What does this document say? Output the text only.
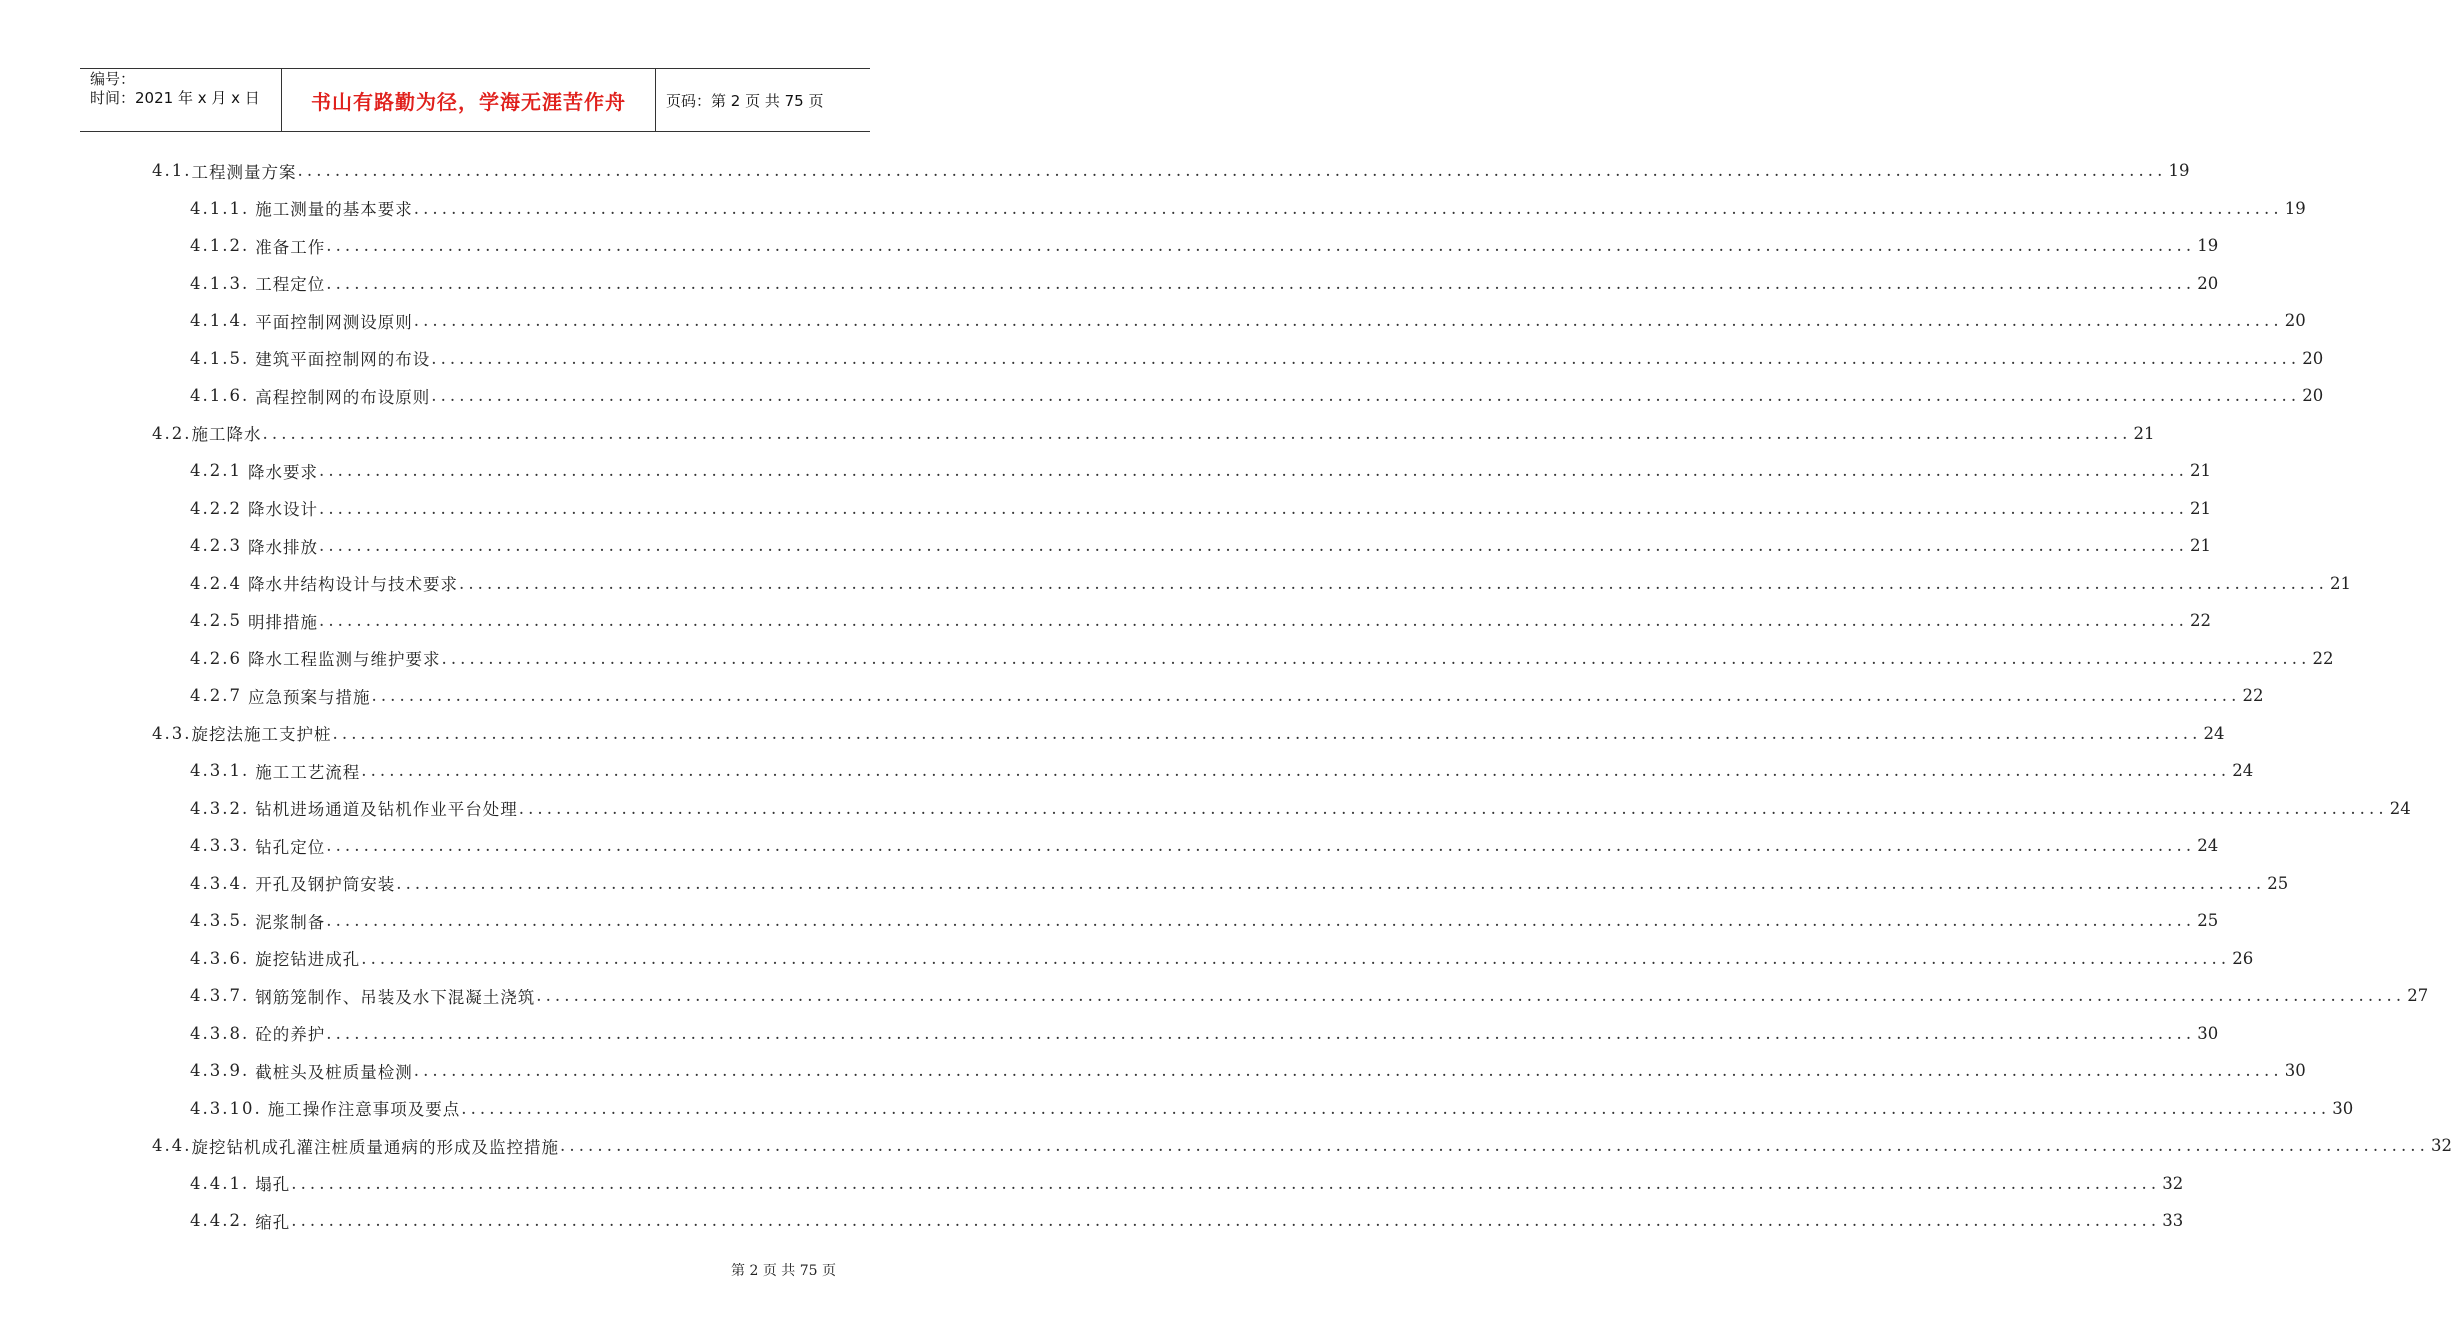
编号：
时间：2021 年 x 月 x 日	书山有路勤为径，学海无涯苦作舟	页码：第 2 页 共 75 页
4.1. 工程测量方案 ........................................................................................................................................................................................................ 19
4.1.1. 施工测量的基本要求 ........................................................................................................................................................................................................ 19
4.1.2. 准备工作 ........................................................................................................................................................................................................ 19
4.1.3. 工程定位 ........................................................................................................................................................................................................ 20
4.1.4. 平面控制网测设原则 ........................................................................................................................................................................................................ 20
4.1.5. 建筑平面控制网的布设 ........................................................................................................................................................................................................ 20
4.1.6. 高程控制网的布设原则 ........................................................................................................................................................................................................ 20
4.2. 施工降水 ........................................................................................................................................................................................................ 21
4.2.1 降水要求 ........................................................................................................................................................................................................ 21
4.2.2 降水设计 ........................................................................................................................................................................................................ 21
4.2.3 降水排放 ........................................................................................................................................................................................................ 21
4.2.4 降水井结构设计与技术要求 ........................................................................................................................................................................................................ 21
4.2.5 明排措施 ........................................................................................................................................................................................................ 22
4.2.6 降水工程监测与维护要求 ........................................................................................................................................................................................................ 22
4.2.7 应急预案与措施 ........................................................................................................................................................................................................ 22
4.3. 旋挖法施工支护桩 ........................................................................................................................................................................................................ 24
4.3.1. 施工工艺流程 ........................................................................................................................................................................................................ 24
4.3.2. 钻机进场通道及钻机作业平台处理 ........................................................................................................................................................................................................ 24
4.3.3. 钻孔定位 ........................................................................................................................................................................................................ 24
4.3.4. 开孔及钢护筒安装 ........................................................................................................................................................................................................ 25
4.3.5. 泥浆制备 ........................................................................................................................................................................................................ 25
4.3.6. 旋挖钻进成孔 ........................................................................................................................................................................................................ 26
4.3.7. 钢筋笼制作、吊装及水下混凝土浇筑 ........................................................................................................................................................................................................ 27
4.3.8. 砼的养护 ........................................................................................................................................................................................................ 30
4.3.9. 截桩头及桩质量检测 ........................................................................................................................................................................................................ 30
4.3.10. 施工操作注意事项及要点 ........................................................................................................................................................................................................ 30
4.4. 旋挖钻机成孔灌注桩质量通病的形成及监控措施 ........................................................................................................................................................................................................ 32
4.4.1. 塌孔 ........................................................................................................................................................................................................ 32
4.4.2. 缩孔 ........................................................................................................................................................................................................ 33
第 2 页 共 75 页
